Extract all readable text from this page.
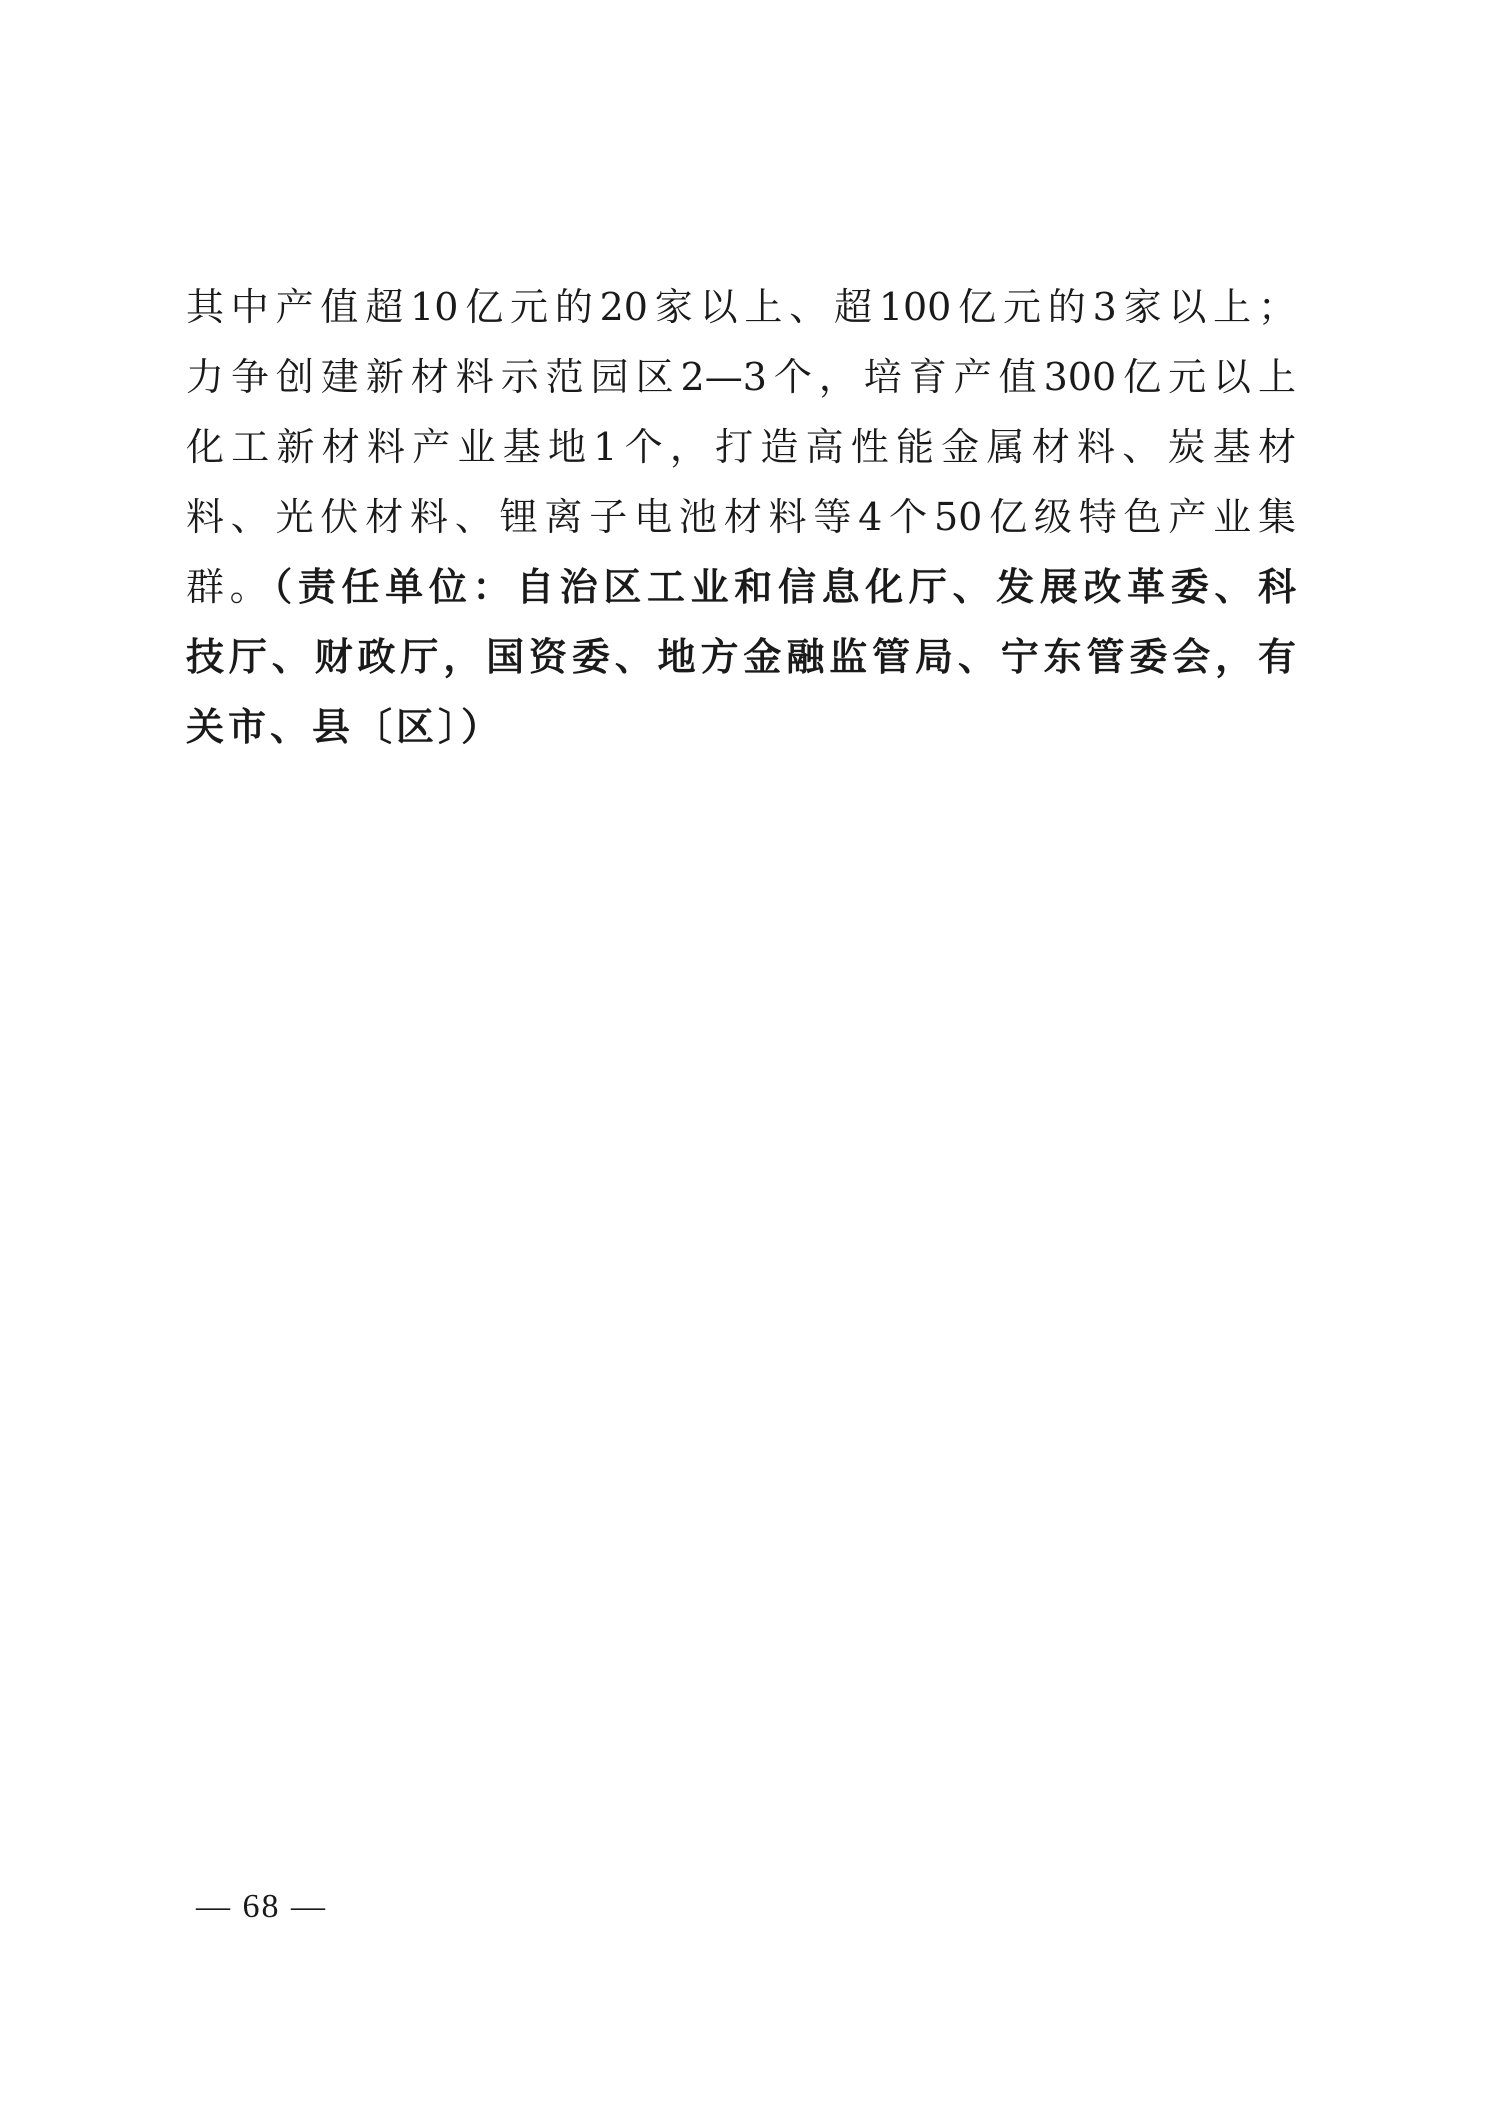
其中产值超10亿元的20家以上、超100亿元的3家以上；
力争创建新材料示范园区2—3个，培育产值300亿元以上
化工新材料产业基地1个，打造高性能金属材料、炭基材
料、光伏材料、锂离子电池材料等4个50亿级特色产业集
群。（责任单位：自治区工业和信息化厅、发展改革委、科
技厅、财政厅，国资委、地方金融监管局、宁东管委会，有
关市、县〔区〕）
— 68 —
